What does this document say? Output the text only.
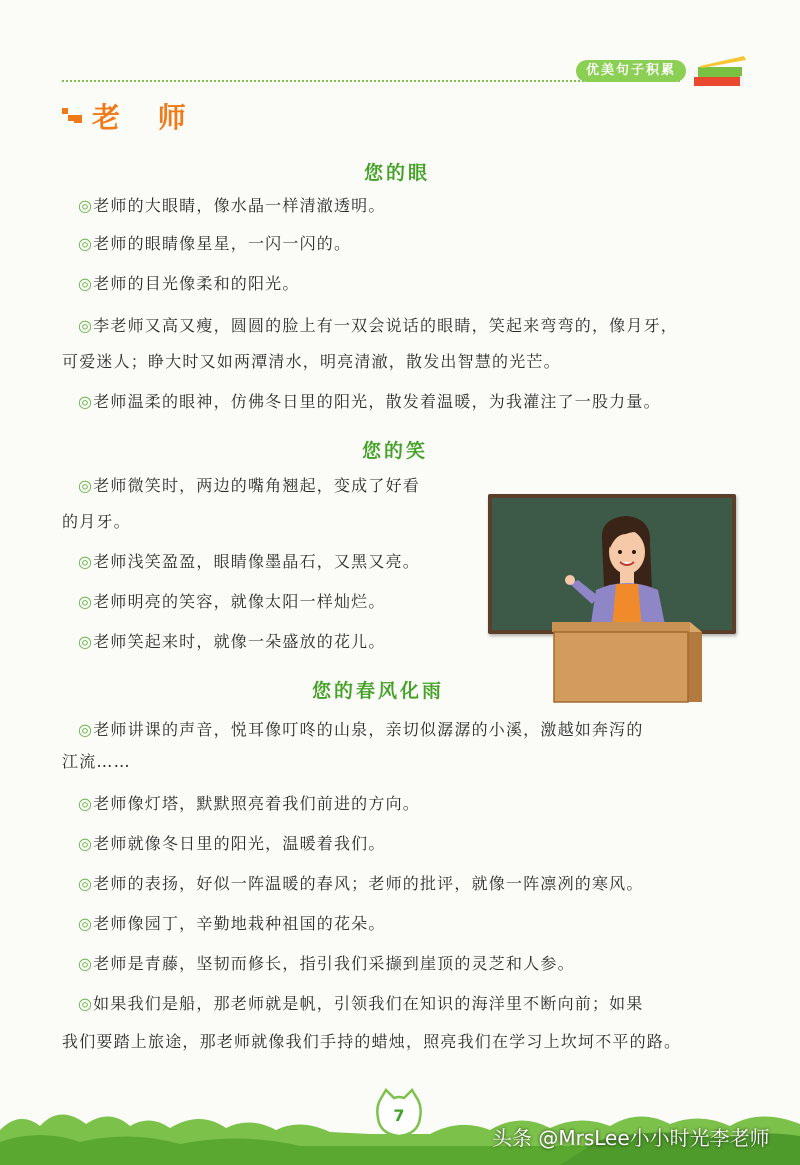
优美句子积累
老 师
您的眼
◎老师的大眼睛，像水晶一样清澈透明。
◎老师的眼睛像星星，一闪一闪的。
◎老师的目光像柔和的阳光。
◎李老师又高又瘦，圆圆的脸上有一双会说话的眼睛，笑起来弯弯的，像月牙，
可爱迷人；睁大时又如两潭清水，明亮清澈，散发出智慧的光芒。
◎老师温柔的眼神，仿佛冬日里的阳光，散发着温暖，为我灌注了一股力量。
您的笑
◎老师微笑时，两边的嘴角翘起，变成了好看
的月牙。
◎老师浅笑盈盈，眼睛像墨晶石，又黑又亮。
◎老师明亮的笑容，就像太阳一样灿烂。
◎老师笑起来时，就像一朵盛放的花儿。
您的春风化雨
◎老师讲课的声音，悦耳像叮咚的山泉，亲切似潺潺的小溪，激越如奔泻的
江流……
◎老师像灯塔，默默照亮着我们前进的方向。
◎老师就像冬日里的阳光，温暖着我们。
◎老师的表扬，好似一阵温暖的春风；老师的批评，就像一阵凛冽的寒风。
◎老师像园丁，辛勤地栽种祖国的花朵。
◎老师是青藤，坚韧而修长，指引我们采撷到崖顶的灵芝和人参。
◎如果我们是船，那老师就是帆，引领我们在知识的海洋里不断向前；如果
我们要踏上旅途，那老师就像我们手持的蜡烛，照亮我们在学习上坎坷不平的路。
7
头条 @MrsLee小小时光李老师
